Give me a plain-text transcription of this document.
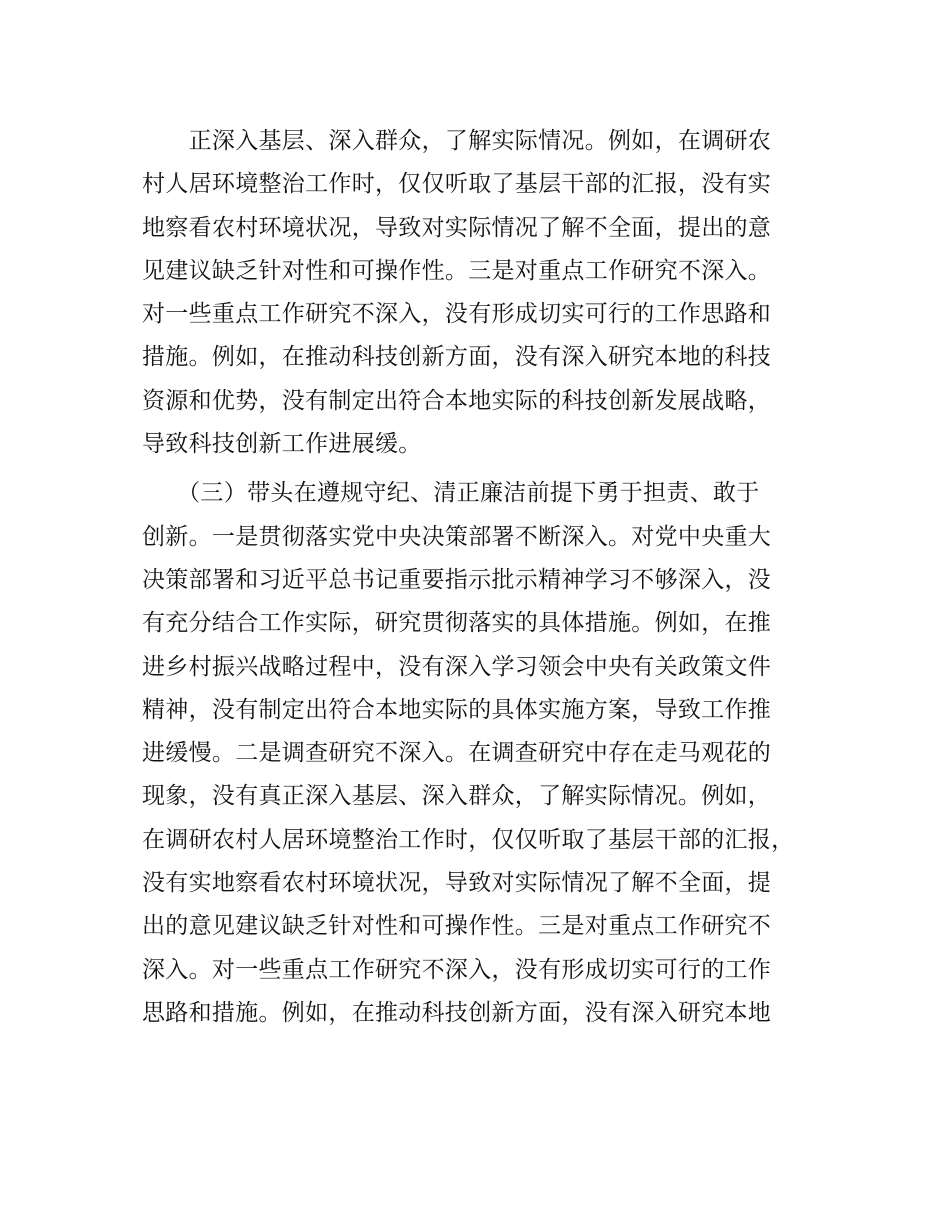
　　正深入基层、深入群众，了解实际情况。例如，在调研农
村人居环境整治工作时，仅仅听取了基层干部的汇报，没有实
地察看农村环境状况，导致对实际情况了解不全面，提出的意
见建议缺乏针对性和可操作性。三是对重点工作研究不深入。
对一些重点工作研究不深入，没有形成切实可行的工作思路和
措施。例如，在推动科技创新方面，没有深入研究本地的科技
资源和优势，没有制定出符合本地实际的科技创新发展战略，
导致科技创新工作进展缓。
　　（三）带头在遵规守纪、清正廉洁前提下勇于担责、敢于
创新。一是贯彻落实党中央决策部署不断深入。对党中央重大
决策部署和习近平总书记重要指示批示精神学习不够深入，没
有充分结合工作实际，研究贯彻落实的具体措施。例如，在推
进乡村振兴战略过程中，没有深入学习领会中央有关政策文件
精神，没有制定出符合本地实际的具体实施方案，导致工作推
进缓慢。二是调查研究不深入。在调查研究中存在走马观花的
现象，没有真正深入基层、深入群众，了解实际情况。例如，
在调研农村人居环境整治工作时，仅仅听取了基层干部的汇报，
没有实地察看农村环境状况，导致对实际情况了解不全面，提
出的意见建议缺乏针对性和可操作性。三是对重点工作研究不
深入。对一些重点工作研究不深入，没有形成切实可行的工作
思路和措施。例如，在推动科技创新方面，没有深入研究本地
